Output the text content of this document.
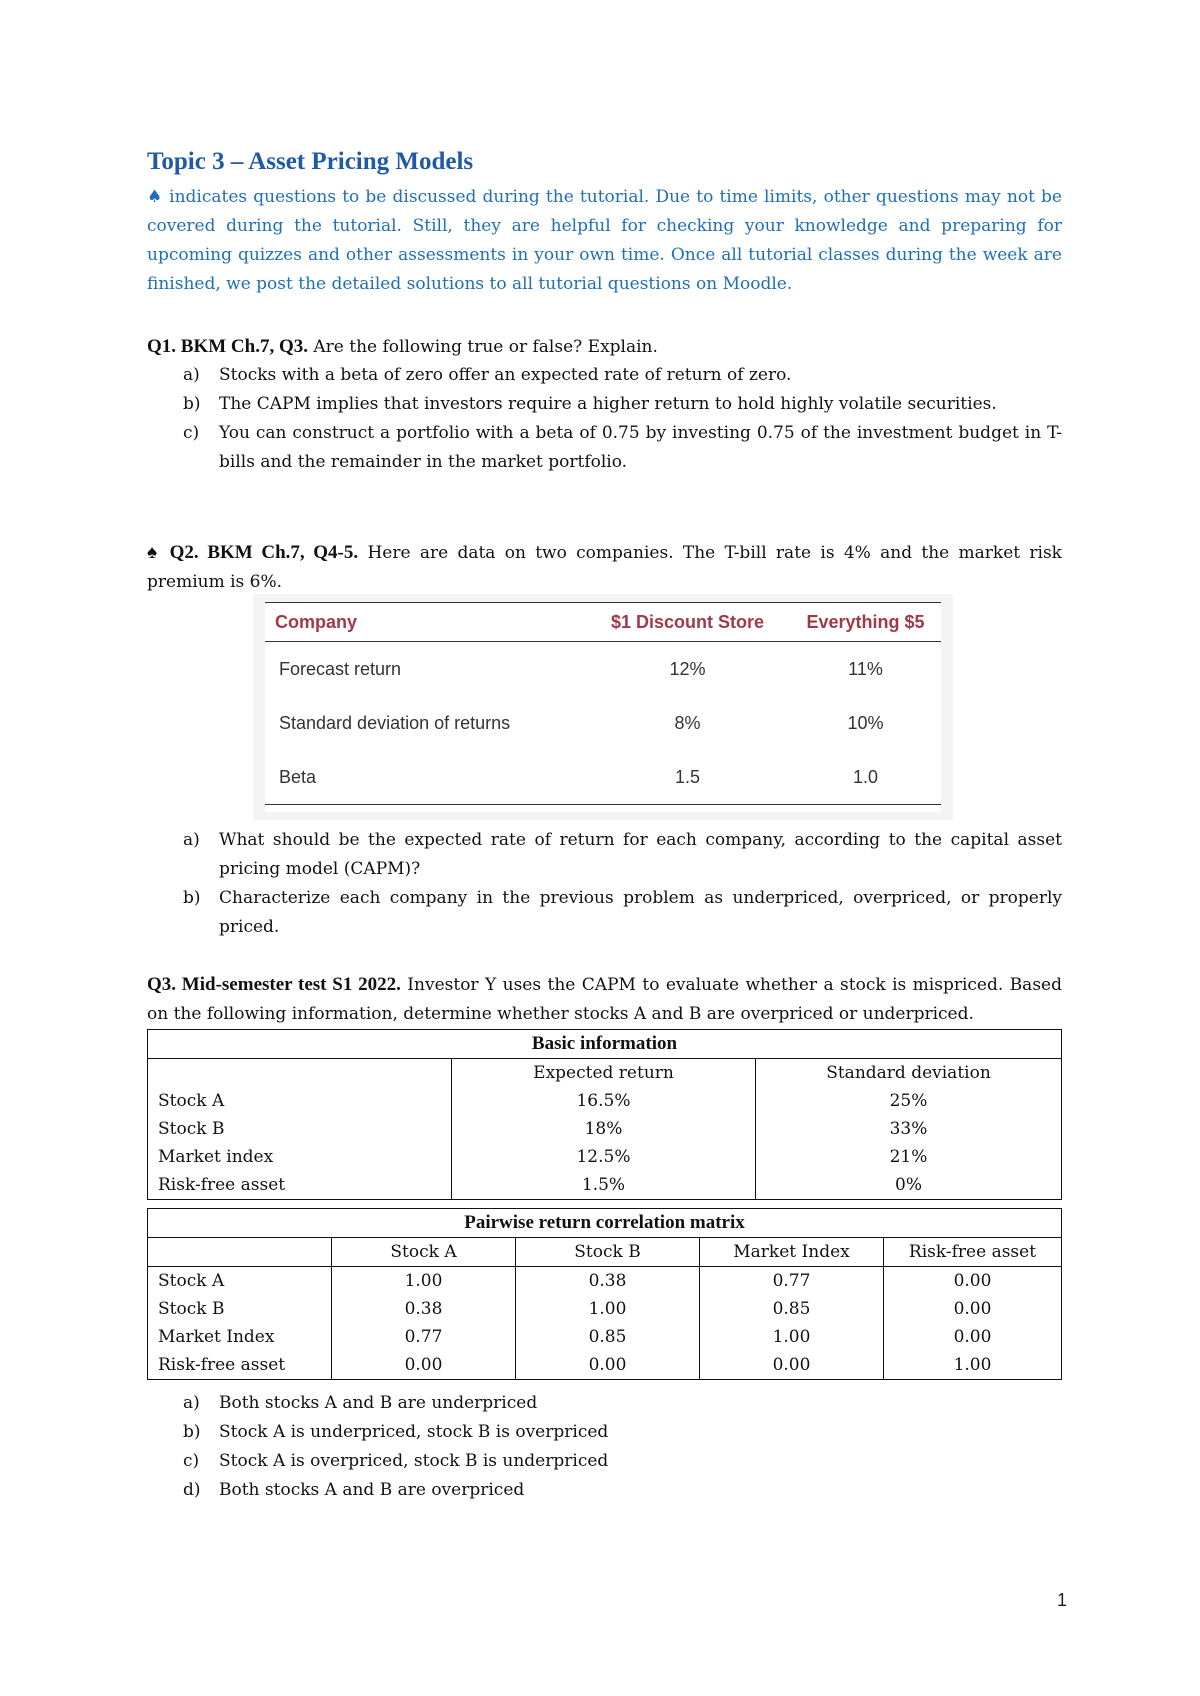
Topic 3 – Asset Pricing Models
♠ indicates questions to be discussed during the tutorial. Due to time limits, other questions may not be covered during the tutorial. Still, they are helpful for checking your knowledge and preparing for upcoming quizzes and other assessments in your own time. Once all tutorial classes during the week are finished, we post the detailed solutions to all tutorial questions on Moodle.
Q1. BKM Ch.7, Q3. Are the following true or false? Explain.
a) Stocks with a beta of zero offer an expected rate of return of zero.
b) The CAPM implies that investors require a higher return to hold highly volatile securities.
c) You can construct a portfolio with a beta of 0.75 by investing 0.75 of the investment budget in T-bills and the remainder in the market portfolio.
♠ Q2. BKM Ch.7, Q4-5. Here are data on two companies. The T-bill rate is 4% and the market risk premium is 6%.
Company	$1 Discount Store	Everything $5
Forecast return	12%	11%
Standard deviation of returns	8%	10%
Beta	1.5	1.0
a) What should be the expected rate of return for each company, according to the capital asset pricing model (CAPM)?
b) Characterize each company in the previous problem as underpriced, overpriced, or properly priced.
Q3. Mid-semester test S1 2022. Investor Y uses the CAPM to evaluate whether a stock is mispriced. Based on the following information, determine whether stocks A and B are overpriced or underpriced.
Basic information		
	Expected return	Standard deviation
Stock A	16.5%	25%
Stock B	18%	33%
Market index	12.5%	21%
Risk-free asset	1.5%	0%
Pairwise return correlation matrix				
	Stock A	Stock B	Market Index	Risk-free asset
Stock A	1.00	0.38	0.77	0.00
Stock B	0.38	1.00	0.85	0.00
Market Index	0.77	0.85	1.00	0.00
Risk-free asset	0.00	0.00	0.00	1.00
a) Both stocks A and B are underpriced
b) Stock A is underpriced, stock B is overpriced
c) Stock A is overpriced, stock B is underpriced
d) Both stocks A and B are overpriced
1
